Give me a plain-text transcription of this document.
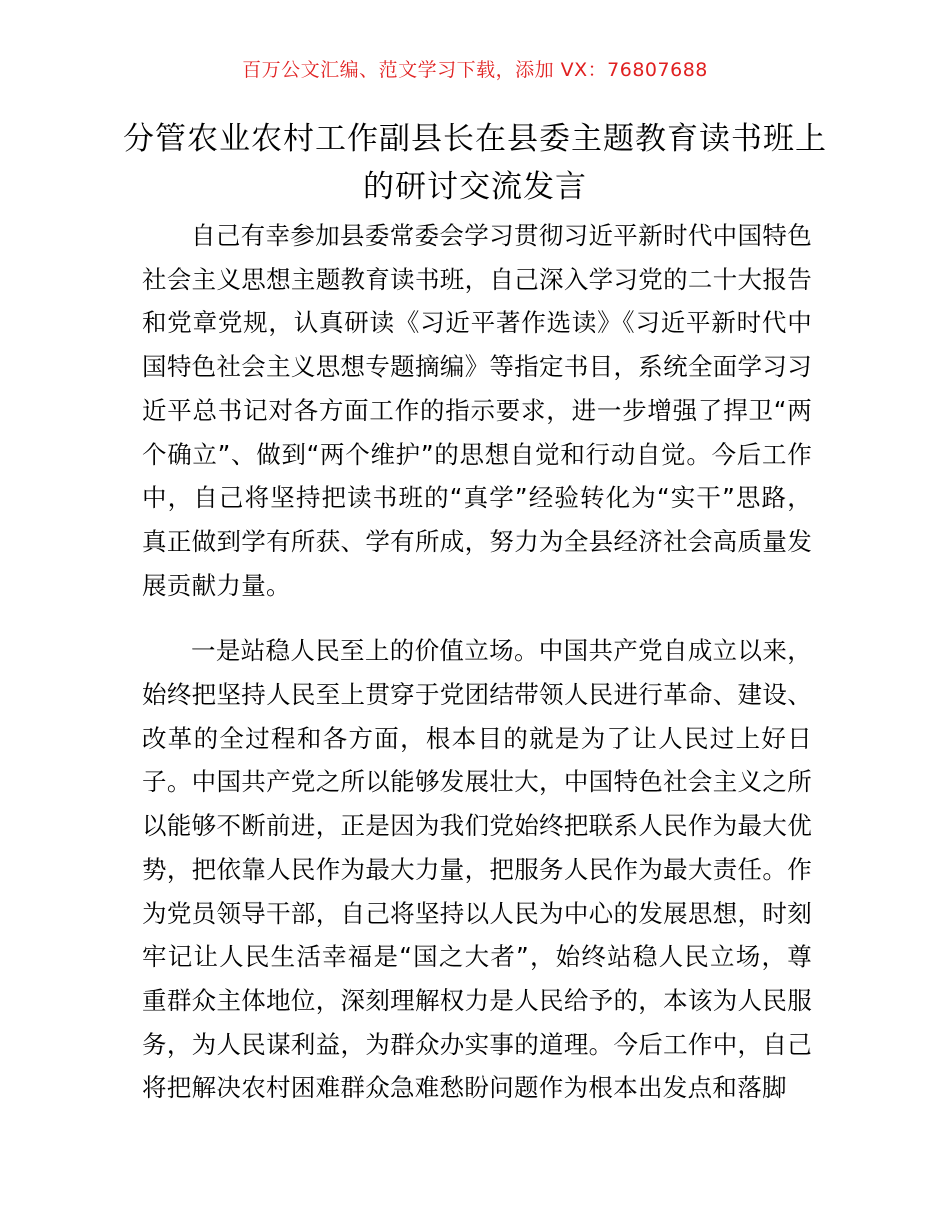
百万公文汇编、范文学习下载，添加 VX：76807688
分管农业农村工作副县长在县委主题教育读书班上的研讨交流发言

自己有幸参加县委常委会学习贯彻习近平新时代中国特色社会主义思想主题教育读书班，自己深入学习党的二十大报告和党章党规，认真研读《习近平著作选读》《习近平新时代中国特色社会主义思想专题摘编》等指定书目，系统全面学习习近平总书记对各方面工作的指示要求，进一步增强了捍卫“两个确立”、做到“两个维护”的思想自觉和行动自觉。今后工作中，自己将坚持把读书班的“真学”经验转化为“实干”思路，真正做到学有所获、学有所成，努力为全县经济社会高质量发展贡献力量。

一是站稳人民至上的价值立场。中国共产党自成立以来，始终把坚持人民至上贯穿于党团结带领人民进行革命、建设、改革的全过程和各方面，根本目的就是为了让人民过上好日子。中国共产党之所以能够发展壮大，中国特色社会主义之所以能够不断前进，正是因为我们党始终把联系人民作为最大优势，把依靠人民作为最大力量，把服务人民作为最大责任。作为党员领导干部，自己将坚持以人民为中心的发展思想，时刻牢记让人民生活幸福是“国之大者”，始终站稳人民立场，尊重群众主体地位，深刻理解权力是人民给予的，本该为人民服务，为人民谋利益，为群众办实事的道理。今后工作中，自己将把解决农村困难群众急难愁盼问题作为根本出发点和落脚
